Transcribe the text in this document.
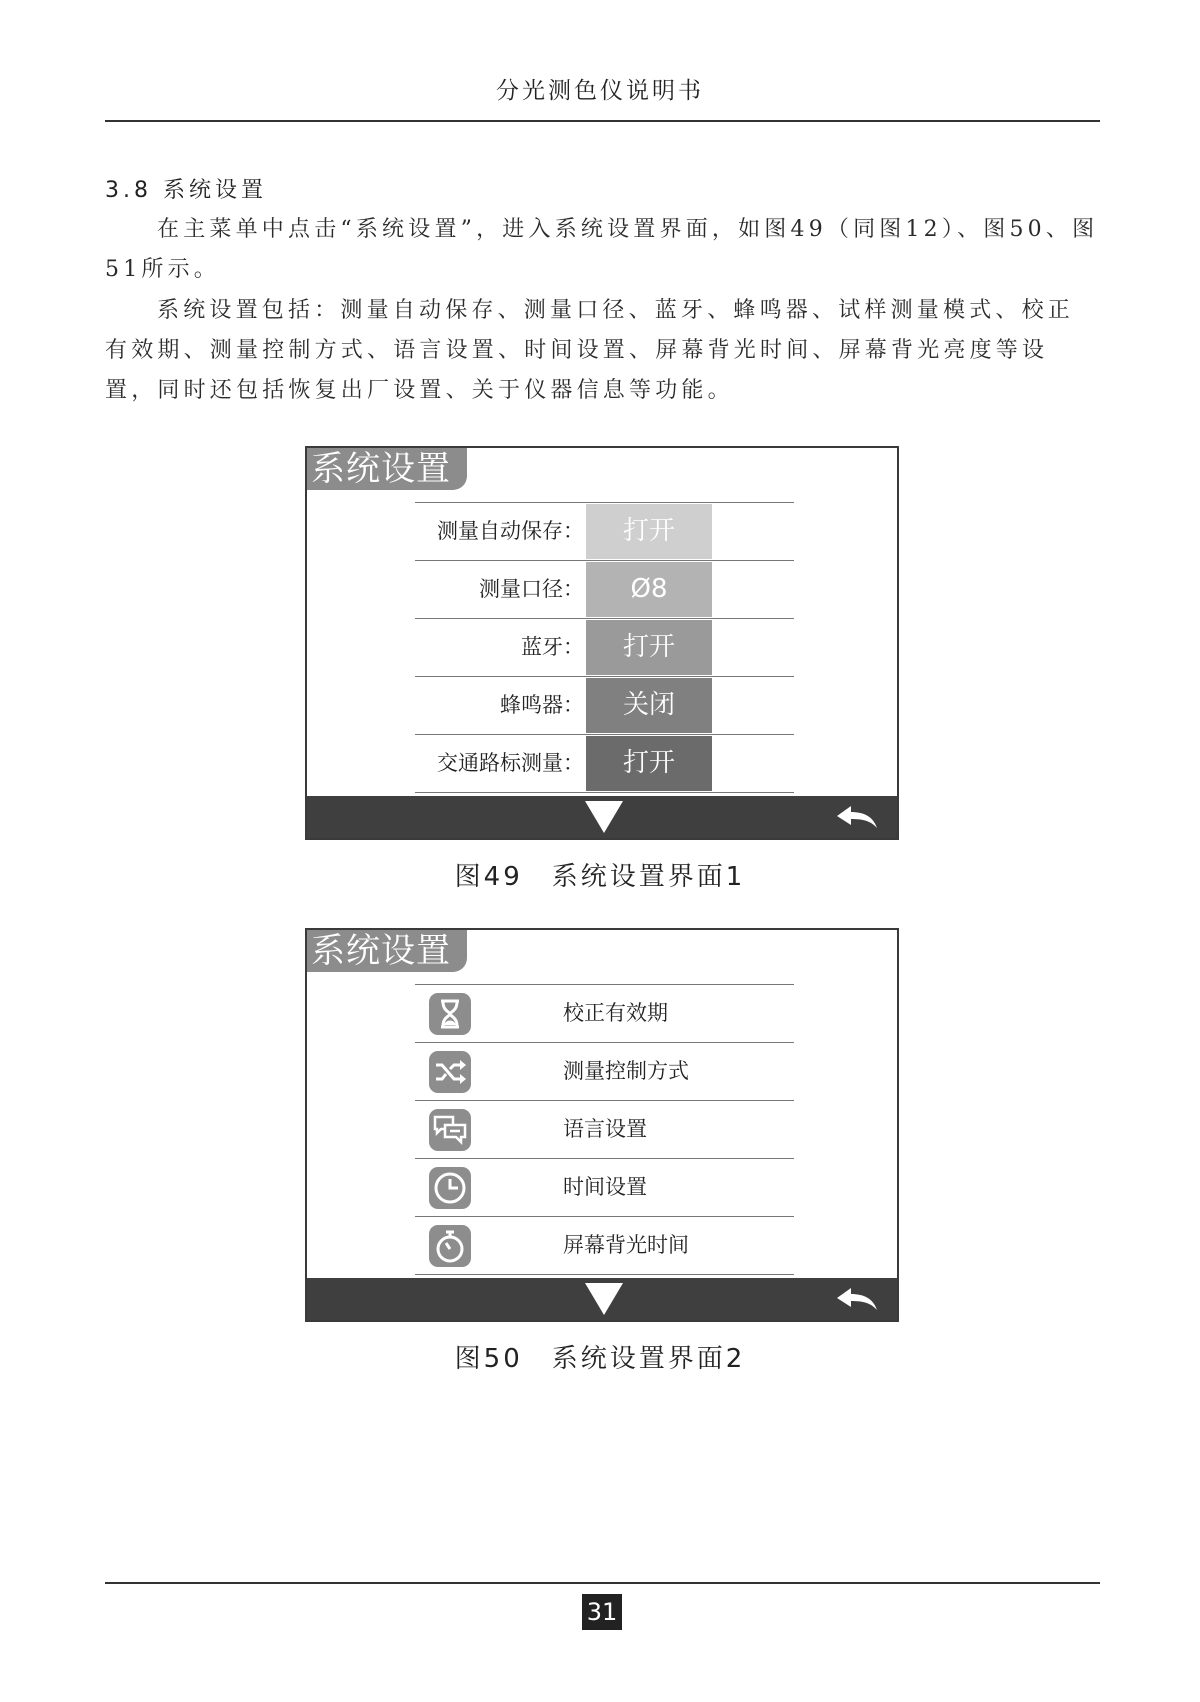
分光测色仪说明书
3.8 系统设置
在主菜单中点击“系统设置”，进入系统设置界面，如图49（同图12）、图50、图51所示。
系统设置包括：测量自动保存、测量口径、蓝牙、蜂鸣器、试样测量模式、校正有效期、测量控制方式、语言设置、时间设置、屏幕背光时间、屏幕背光亮度等设置，同时还包括恢复出厂设置、关于仪器信息等功能。
系统设置
测量自动保存：	打开
测量口径：	Ø8
蓝牙：	打开
蜂鸣器：	关闭
交通路标测量：	打开
图49　系统设置界面1
系统设置
校正有效期
测量控制方式
语言设置
时间设置
屏幕背光时间
图50　系统设置界面2
31
